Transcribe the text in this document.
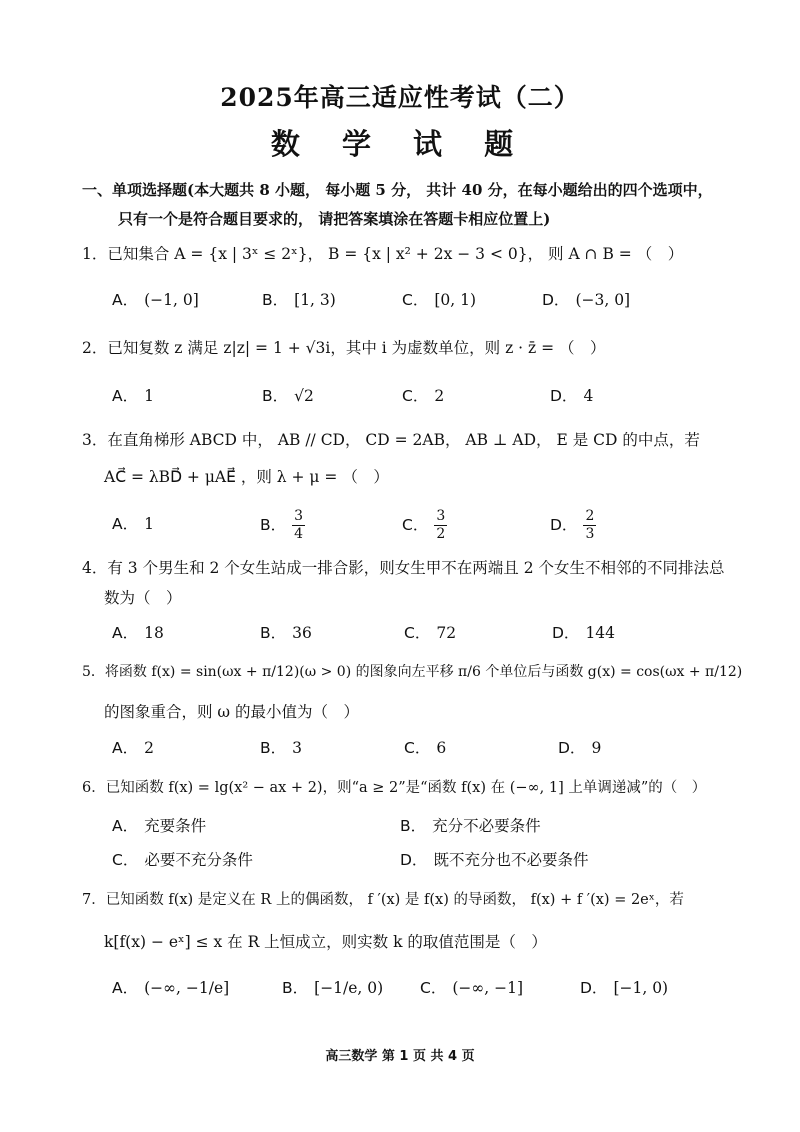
2025年高三适应性考试（二）
数 学 试 题
一、单项选择题(本大题共 8 小题， 每小题 5 分， 共计 40 分，在每小题给出的四个选项中，
只有一个是符合题目要求的， 请把答案填涂在答题卡相应位置上)
1．已知集合 A = {x | 3ˣ ≤ 2ˣ}， B = {x | x² + 2x − 3 < 0}， 则 A ∩ B = （　）
A． (−1, 0]	B． [1, 3)	C． [0, 1)	D． (−3, 0]
2．已知复数 z 满足 z|z| = 1 + √3i，其中 i 为虚数单位，则 z · z̄ = （　）
A． 1	B． √2	C． 2	D． 4
3．在直角梯形 ABCD 中， AB // CD， CD = 2AB， AB ⊥ AD， E 是 CD 的中点，若
AC⃗ = λBD⃗ + μAE⃗ ，则 λ + μ = （　）
A． 1	B． $\frac{3}{4}$	C． $\frac{3}{2}$	D． $\frac{2}{3}$
4．有 3 个男生和 2 个女生站成一排合影，则女生甲不在两端且 2 个女生不相邻的不同排法总
数为（　）
A． 18	B． 36	C． 72	D． 144
5．将函数 f(x) = sin(ωx + π/12)(ω > 0) 的图象向左平移 π/6 个单位后与函数 g(x) = cos(ωx + π/12)
的图象重合，则 ω 的最小值为（　）
A． 2	B． 3	C． 6	D． 9
6．已知函数 f(x) = lg(x² − ax + 2)，则“a ≥ 2”是“函数 f(x) 在 (−∞, 1] 上单调递减”的（　）
A． 充要条件	B． 充分不必要条件
C． 必要不充分条件	D． 既不充分也不必要条件
7．已知函数 f(x) 是定义在 R 上的偶函数， f ′(x) 是 f(x) 的导函数， f(x) + f ′(x) = 2eˣ，若
k[f(x) − eˣ] ≤ x 在 R 上恒成立，则实数 k 的取值范围是（　）
A． (−∞, −1/e]	B． [−1/e, 0) C． (−∞, −1]	D． [−1, 0)
高三数学 第 1 页 共 4 页
